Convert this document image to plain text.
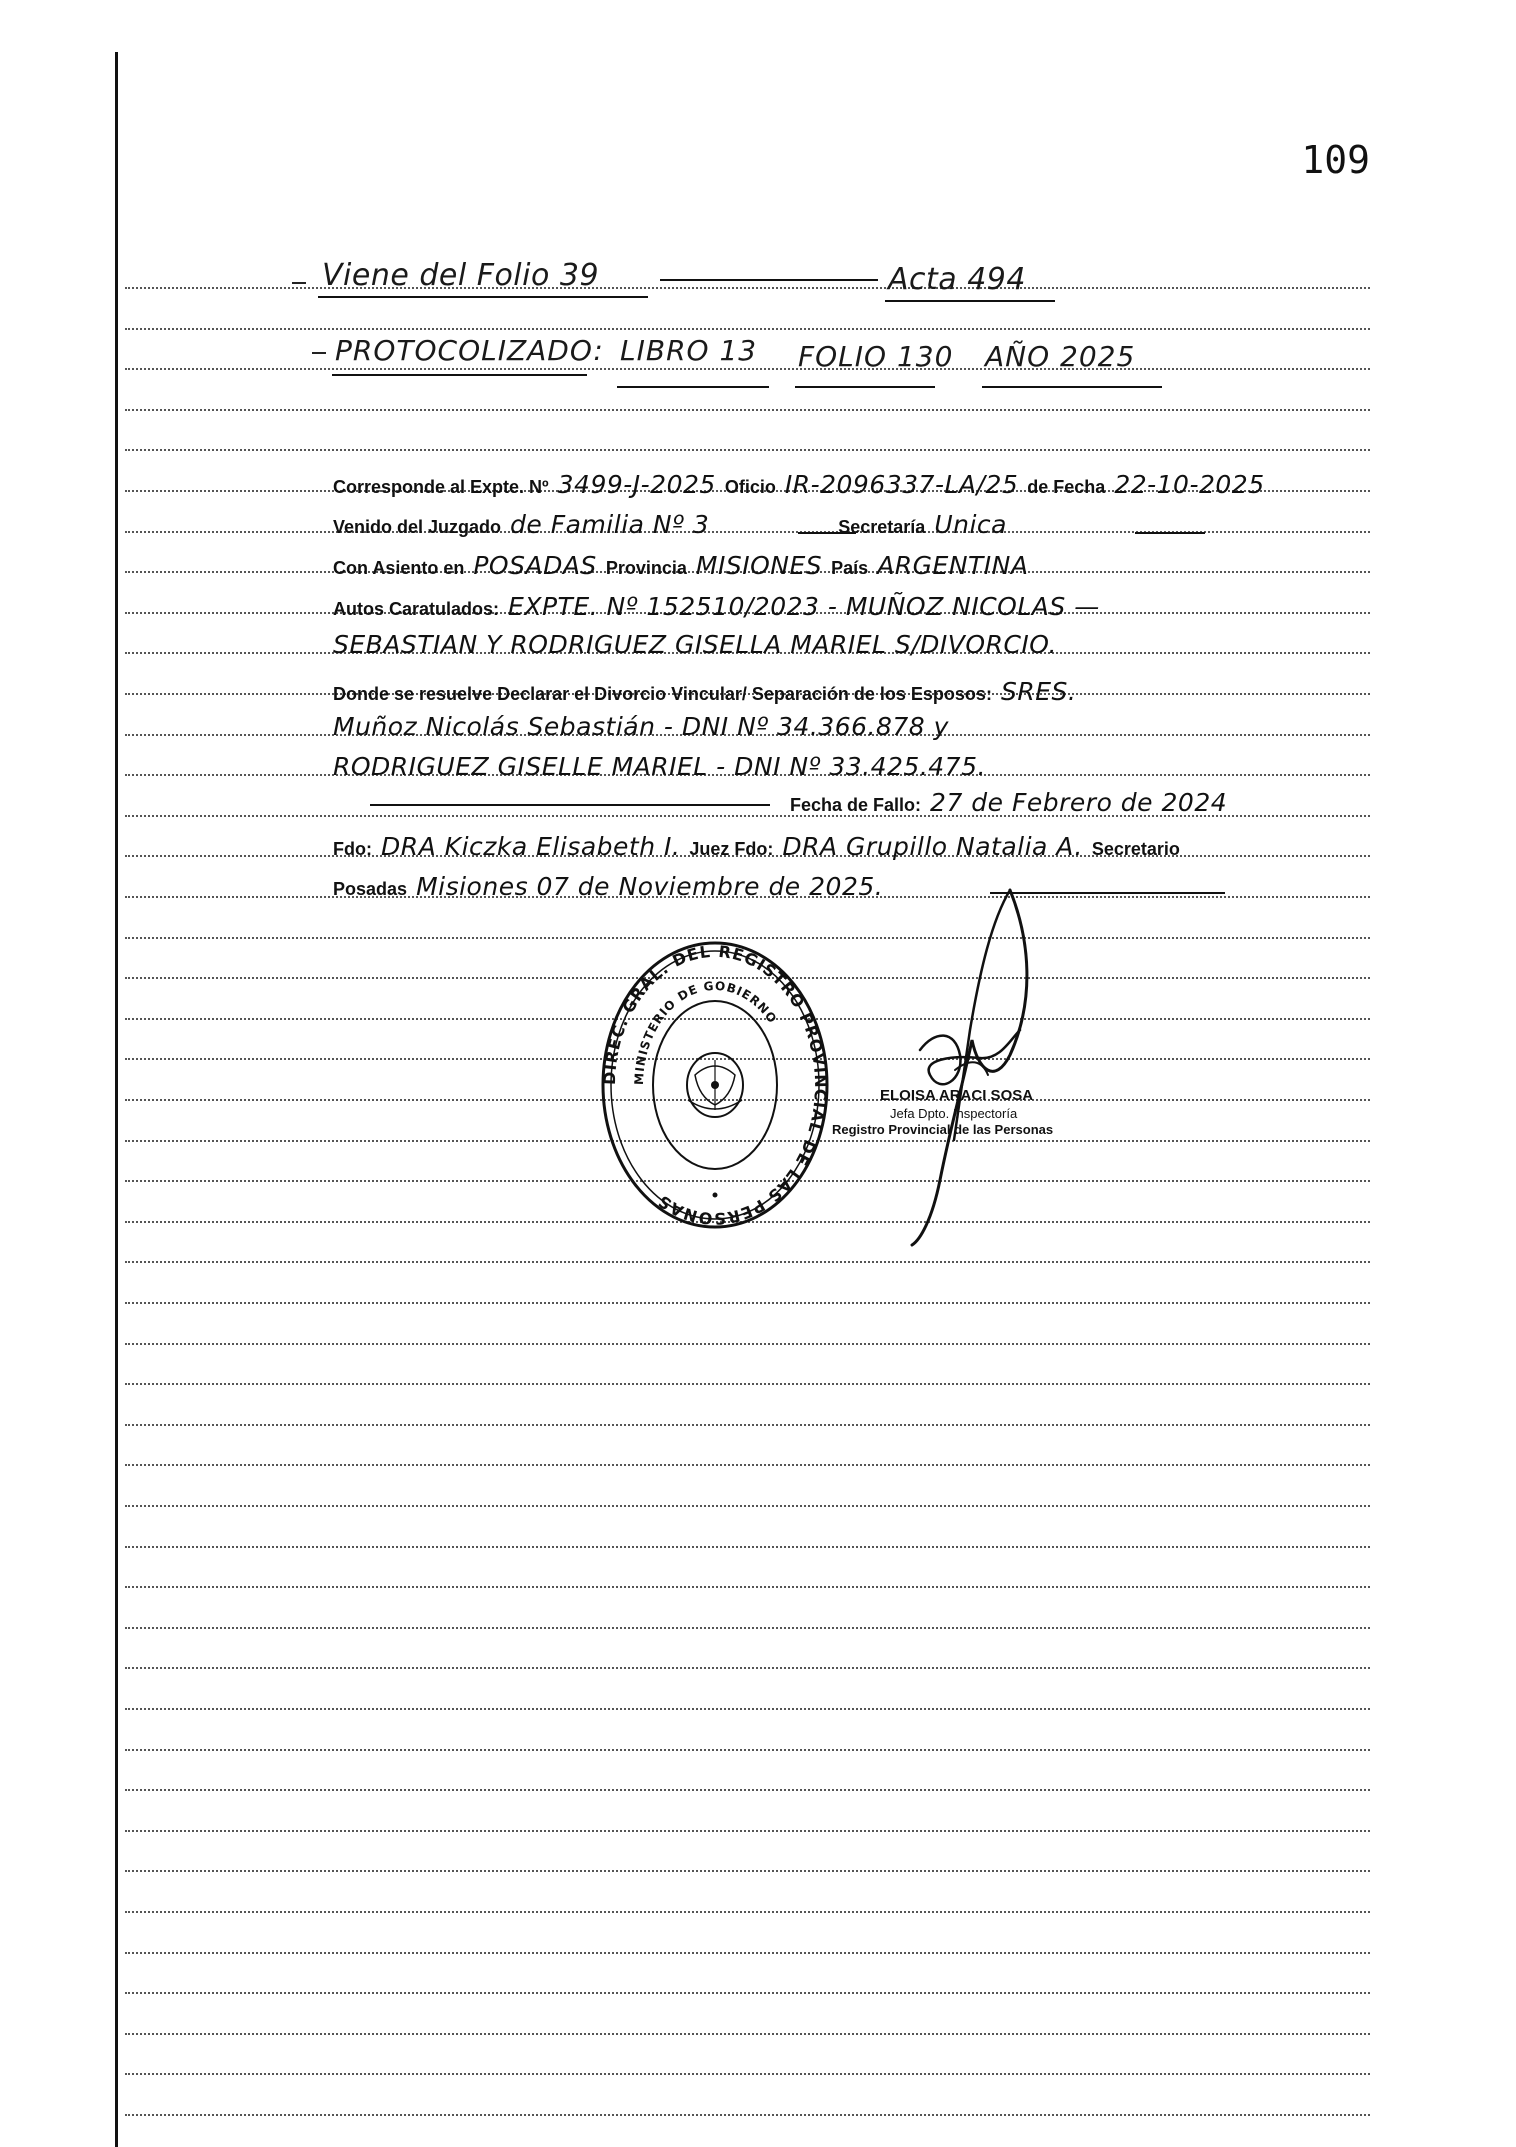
109
Viene del Folio 39	Acta 494
PROTOCOLIZADO: LIBRO 13 FOLIO 130 AÑO 2025
Corresponde al Expte. Nº 3499-J-2025 Oficio IR-2096337-LA/25 de Fecha 22-10-2025
Venido del Juzgado de Familia Nº 3	Secretaría Unica
Con Asiento en POSADAS Provincia MISIONES País ARGENTINA
Autos Caratulados: EXPTE. Nº 152510/2023 - MUÑOZ NICOLAS —
SEBASTIAN Y RODRIGUEZ GISELLA MARIEL S/DIVORCIO.
Donde se resuelve Declarar el Divorcio Vincular/ Separación de los Esposos: SRES.
Muñoz Nicolás Sebastián - DNI Nº 34.366.878 y
RODRIGUEZ GISELLE MARIEL - DNI Nº 33.425.475.
Fecha de Fallo: 27 de Febrero de 2024
Fdo: DRA Kiczka Elisabeth I. Juez Fdo: DRA Grupillo Natalia A. Secretario
Posadas Misiones 07 de Noviembre de 2025.
DIREC. GRAL. DEL REGISTRO PROVINCIAL DE LAS PERSONAS
MINISTERIO DE GOBIERNO
ELOISA ARACI SOSA
Jefa Dpto. Inspectoría
Registro Provincial de las Personas
